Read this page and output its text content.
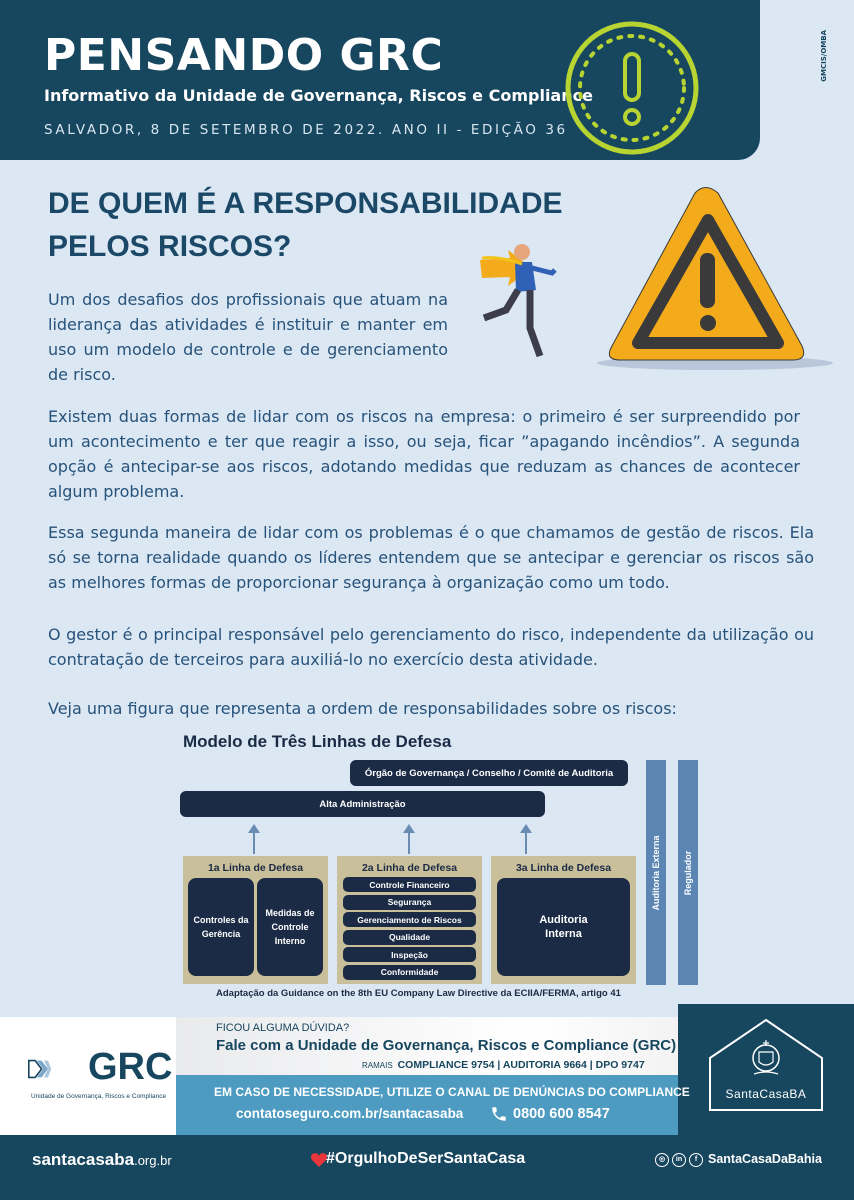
PENSANDO GRC
Informativo da Unidade de Governança, Riscos e Compliance
SALVADOR, 8 DE SETEMBRO DE 2022. ANO II - EDIÇÃO 36
GMCIS/OMBA
DE QUEM É A RESPONSABILIDADE PELOS RISCOS?
Um dos desafios dos profissionais que atuam na liderança das atividades é instituir e manter em uso um modelo de controle e de gerenciamento de risco.
Existem duas formas de lidar com os riscos na empresa: o primeiro é ser surpreendido por um acontecimento e ter que reagir a isso, ou seja, ficar ”apagando incêndios”. A segunda opção é antecipar-se aos riscos, adotando medidas que reduzam as chances de acontecer algum problema.
Essa segunda maneira de lidar com os problemas é o que chamamos de gestão de riscos. Ela só se torna realidade quando os líderes entendem que se antecipar e gerenciar os riscos são as melhores formas de proporcionar segurança à organização como um todo.
O gestor é o principal responsável pelo gerenciamento do risco, independente da utilização ou contratação de terceiros para auxiliá-lo no exercício desta atividade.
Veja uma figura que representa a ordem de responsabilidades sobre os riscos:
Modelo de Três Linhas de Defesa
Órgão de Governança / Conselho / Comitê de Auditoria
Alta Administração
1a Linha de Defesa
Controles da Gerência
Medidas de Controle Interno
2a Linha de Defesa
Controle Financeiro
Segurança
Gerenciamento de Riscos
Qualidade
Inspeção
Conformidade
3a Linha de Defesa
Auditoria Interna
Auditoria Externa Regulador
Adaptação da Guidance on the 8th EU Company Law Directive da ECIIA/FERMA, artigo 41
GRC
Unidade de Governança, Riscos e Compliance
FICOU ALGUMA DÚVIDA?
Fale com a Unidade de Governança, Riscos e Compliance (GRC)
RAMAIS COMPLIANCE 9754 | AUDITORIA 9664 | DPO 9747
EM CASO DE NECESSIDADE, UTILIZE O CANAL DE DENÚNCIAS DO COMPLIANCE
contatoseguro.com.br/santacasaba	0800 600 8547
SantaCasaBA
santacasaba.org.br	#OrgulhoDeSerSantaCasa	◎	in	f SantaCasaDaBahia
